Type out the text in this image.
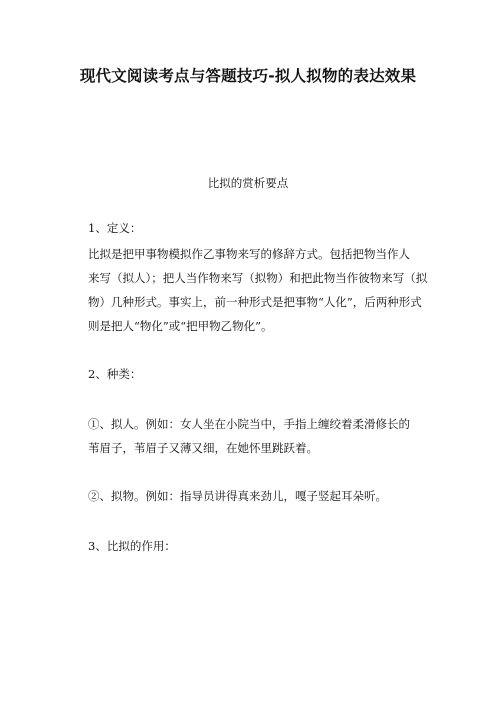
现代文阅读考点与答题技巧-拟人拟物的表达效果
比拟的赏析要点
1、定义：
比拟是把甲事物模拟作乙事物来写的修辞方式。包括把物当作人
来写（拟人）；把人当作物来写（拟物）和把此物当作彼物来写（拟
物）几种形式。事实上，前一种形式是把事物“人化”，后两种形式
则是把人“物化”或“把甲物乙物化”。
2、种类：
①、拟人。例如：女人坐在小院当中，手指上缠绞着柔滑修长的
苇眉子，苇眉子又薄又细，在她怀里跳跃着。
②、拟物。例如：指导员讲得真来劲儿，嘎子竖起耳朵听。
3、比拟的作用：
